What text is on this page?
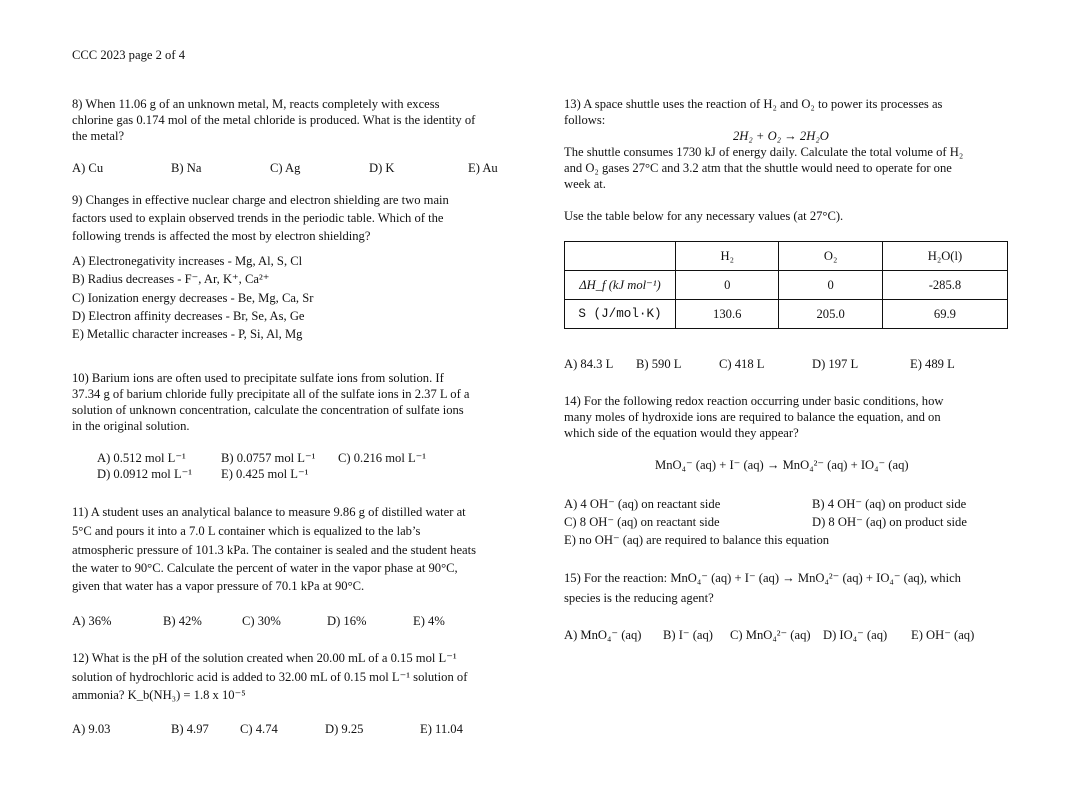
CCC 2023 page 2 of 4
8) When 11.06 g of an unknown metal, M, reacts completely with excess
chlorine gas 0.174 mol of the metal chloride is produced. What is the identity of
the metal?
A) Cu	B) Na	C) Ag	D) K	E) Au
9) Changes in effective nuclear charge and electron shielding are two main
factors used to explain observed trends in the periodic table. Which of the
following trends is affected the most by electron shielding?
A) Electronegativity increases - Mg, Al, S, Cl
B) Radius decreases - F⁻, Ar, K⁺, Ca²⁺
C) Ionization energy decreases - Be, Mg, Ca, Sr
D) Electron affinity decreases - Br, Se, As, Ge
E) Metallic character increases - P, Si, Al, Mg
10) Barium ions are often used to precipitate sulfate ions from solution. If
37.34 g of barium chloride fully precipitate all of the sulfate ions in 2.37 L of a
solution of unknown concentration, calculate the concentration of sulfate ions
in the original solution.
A) 0.512 mol L⁻¹	B) 0.0757 mol L⁻¹ C) 0.216 mol L⁻¹
D) 0.0912 mol L⁻¹ E) 0.425 mol L⁻¹
11) A student uses an analytical balance to measure 9.86 g of distilled water at
5°C and pours it into a 7.0 L container which is equalized to the lab’s
atmospheric pressure of 101.3 kPa. The container is sealed and the student heats
the water to 90°C. Calculate the percent of water in the vapor phase at 90°C,
given that water has a vapor pressure of 70.1 kPa at 90°C.
A) 36%	B) 42%	C) 30%	D) 16%	E) 4%
12) What is the pH of the solution created when 20.00 mL of a 0.15 mol L⁻¹
solution of hydrochloric acid is added to 32.00 mL of 0.15 mol L⁻¹ solution of
ammonia? K_b(NH₃) = 1.8 x 10⁻⁵
A) 9.03	B) 4.97 C) 4.74	D) 9.25	E) 11.04
13) A space shuttle uses the reaction of H₂ and O₂ to power its processes as
follows:
2H₂ + O₂ → 2H₂O
The shuttle consumes 1730 kJ of energy daily. Calculate the total volume of H₂
and O₂ gases 27°C and 3.2 atm that the shuttle would need to operate for one
week at.
Use the table below for any necessary values (at 27°C).
	H₂	O₂	H₂O(l)
ΔH_f (kJ mol⁻¹)	0	0	-285.8
S (J/mol·K)	130.6	205.0	69.9
A) 84.3 L B) 590 L	C) 418 L	D) 197 L	E) 489 L
14) For the following redox reaction occurring under basic conditions, how
many moles of hydroxide ions are required to balance the equation, and on
which side of the equation would they appear?
MnO₄⁻ (aq) + I⁻ (aq) → MnO₄²⁻ (aq) + IO₄⁻ (aq)
A) 4 OH⁻ (aq) on reactant side	B) 4 OH⁻ (aq) on product side
C) 8 OH⁻ (aq) on reactant side	D) 8 OH⁻ (aq) on product side
E) no OH⁻ (aq) are required to balance this equation
15) For the reaction: MnO₄⁻ (aq) + I⁻ (aq) → MnO₄²⁻ (aq) + IO₄⁻ (aq), which
species is the reducing agent?
A) MnO₄⁻ (aq) B) I⁻ (aq) C) MnO₄²⁻ (aq) D) IO₄⁻ (aq) E) OH⁻ (aq)
